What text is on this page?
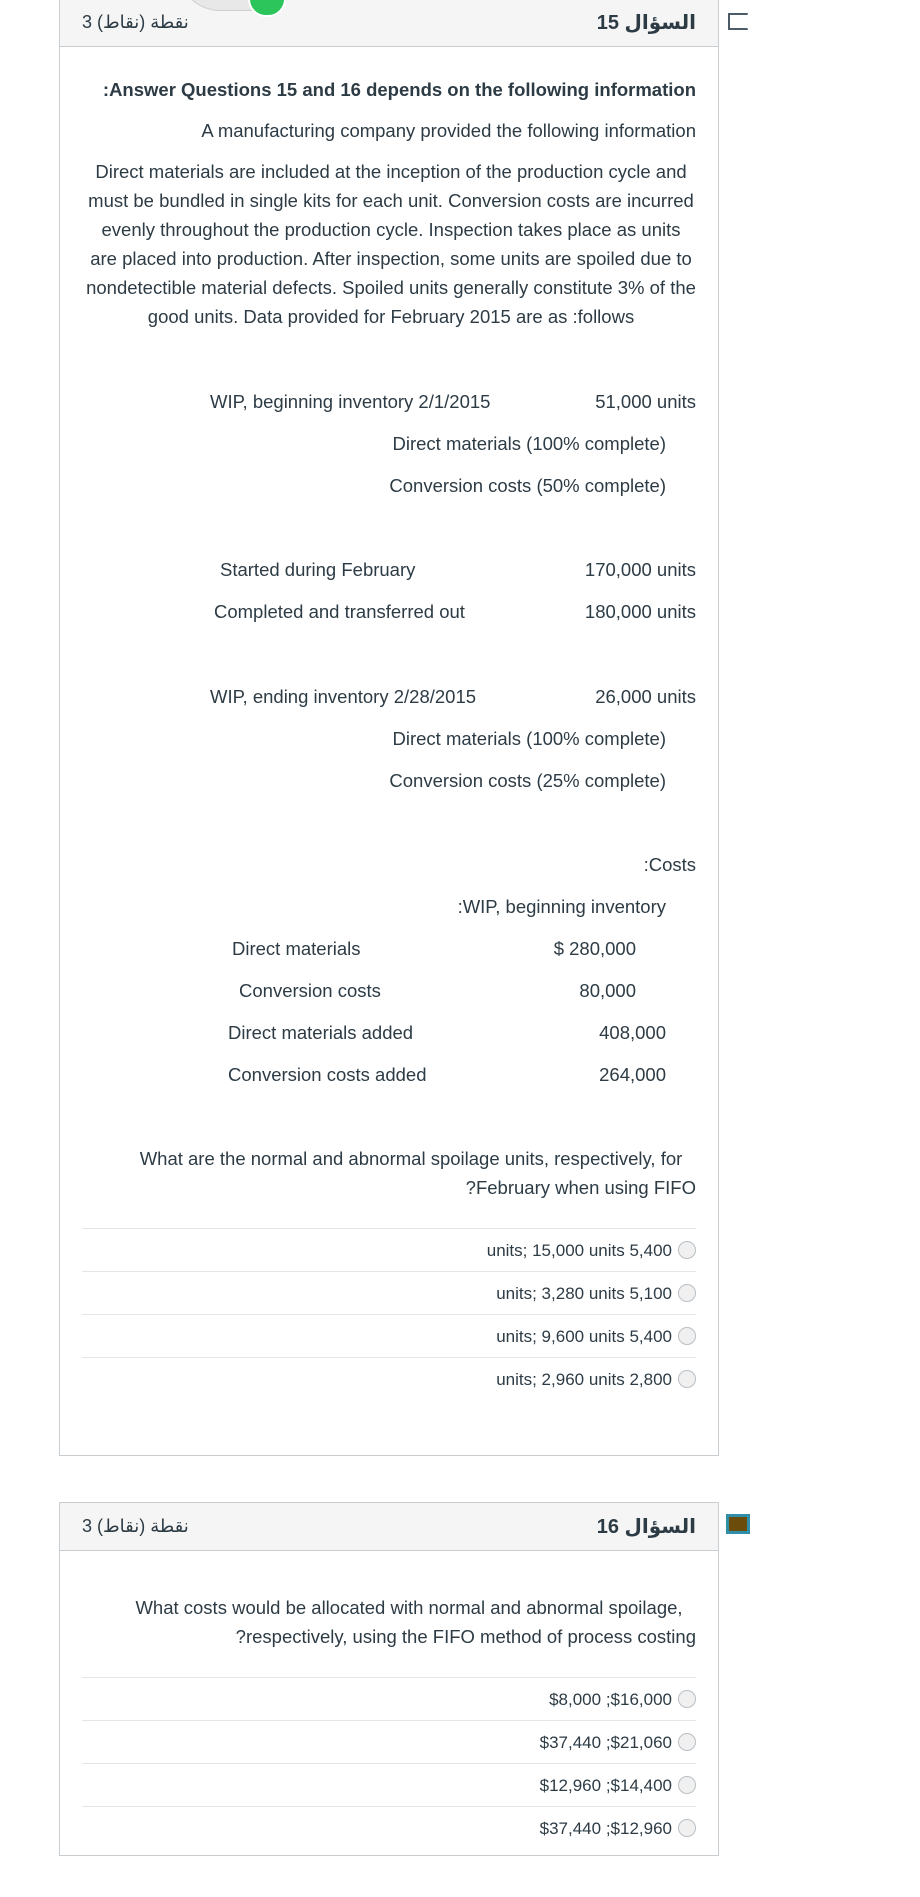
3 نقطة (نقاط)	السؤال 15

:Answer Questions 15 and 16 depends on the following information

A manufacturing company provided the following information

Direct materials are included at the inception of the production cycle and must be bundled in single kits for each unit. Conversion costs are incurred evenly throughout the production cycle. Inspection takes place as units are placed into production. After inspection, some units are spoiled due to nondetectible material defects. Spoiled units generally constitute 3% of the good units. Data provided for February 2015 are as :follows

WIP, beginning inventory 2/1/2015	51,000 units

Direct materials (100% complete)

Conversion costs (50% complete)

Started during February	170,000 units
Completed and transferred out	180,000 units
WIP, ending inventory 2/28/2015	26,000 units

Direct materials (100% complete)

Conversion costs (25% complete)

:Costs

:WIP, beginning inventory

Direct materials	$ 280,000
Conversion costs	80,000
Direct materials added	408,000
Conversion costs added	264,000

What are the normal and abnormal spoilage units, respectively, for

?February when using FIFO

units; 15,000 units 5,400
units; 3,280 units 5,100
units; 9,600 units 5,400
units; 2,960 units 2,800
3 نقطة (نقاط)	السؤال 16

What costs would be allocated with normal and abnormal spoilage,

?respectively, using the FIFO method of process costing

$8,000 ;$16,000
$37,440 ;$21,060
$12,960 ;$14,400
$37,440 ;$12,960
